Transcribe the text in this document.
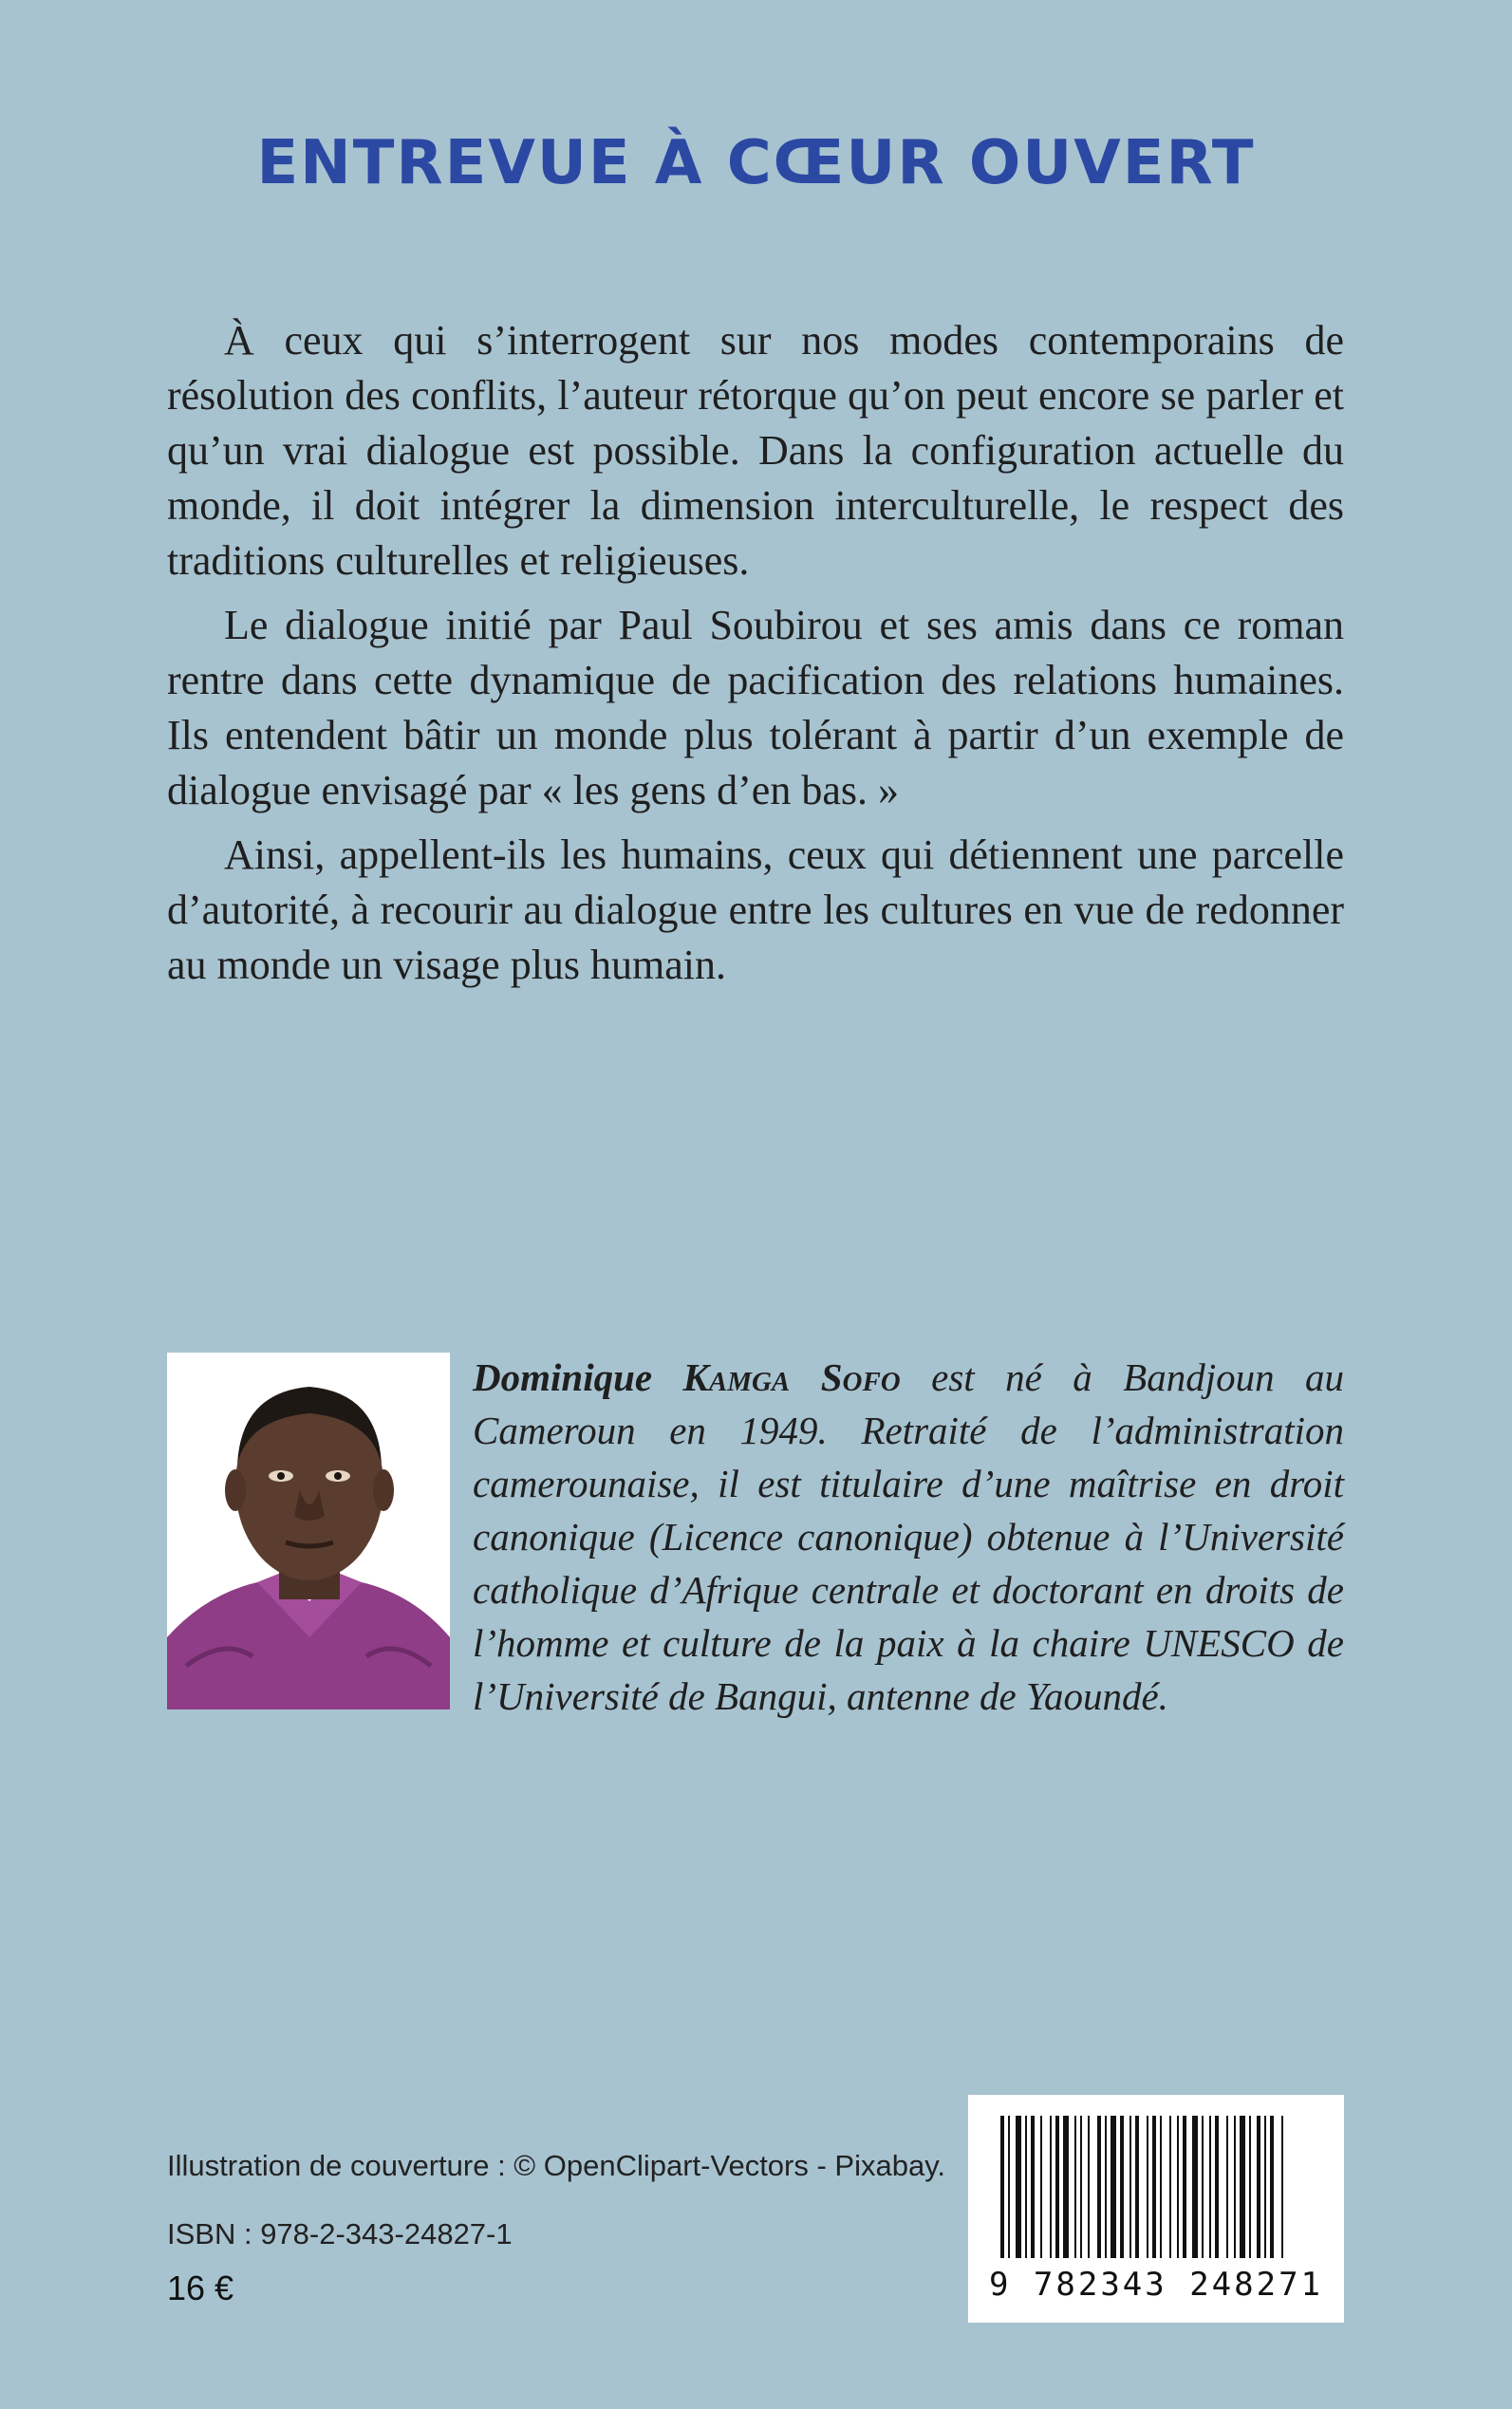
ENTREVUE À CŒUR OUVERT

À ceux qui s’interrogent sur nos modes contemporains de résolution des conflits, l’auteur rétorque qu’on peut encore se parler et qu’un vrai dialogue est possible. Dans la configuration actuelle du monde, il doit intégrer la dimension interculturelle, le respect des traditions culturelles et religieuses.

Le dialogue initié par Paul Soubirou et ses amis dans ce roman rentre dans cette dynamique de pacification des relations humaines. Ils entendent bâtir un monde plus tolérant à partir d’un exemple de dialogue envisagé par « les gens d’en bas. »

Ainsi, appellent-ils les humains, ceux qui détiennent une parcelle d’autorité, à recourir au dialogue entre les cultures en vue de redonner au monde un visage plus humain.

Dominique Kamga Sofo est né à Bandjoun au Cameroun en 1949. Retraité de l’administration camerounaise, il est titulaire d’une maîtrise en droit canonique (Licence canonique) obtenue à l’Université catholique d’Afrique centrale et doctorant en droits de l’homme et culture de la paix à la chaire UNESCO de l’Université de Bangui, antenne de Yaoundé.
Illustration de couverture : © OpenClipart-Vectors - Pixabay.
ISBN : 978-2-343-24827-1
16 €	9 782343 248271
